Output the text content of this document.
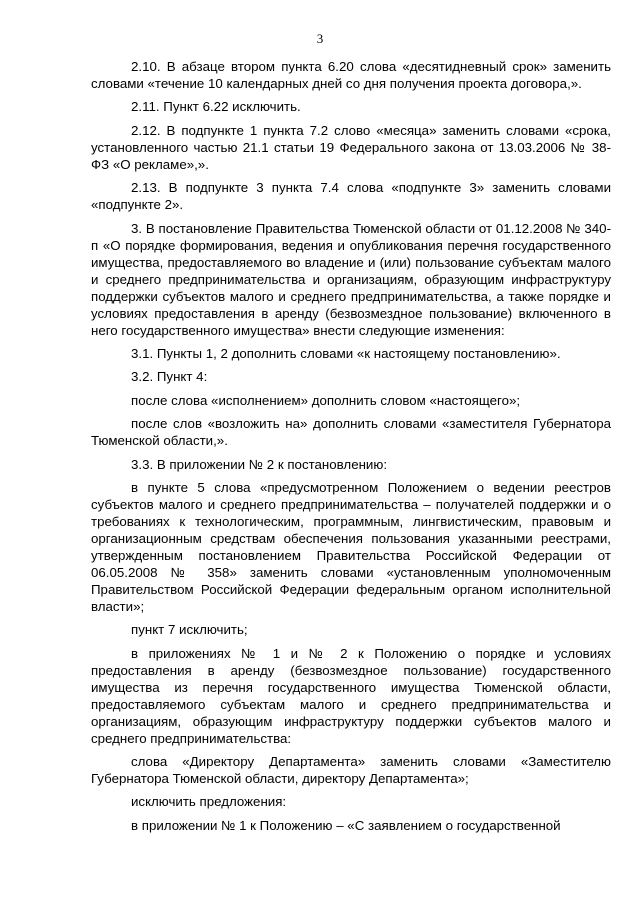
3

2.10. В абзаце втором пункта 6.20 слова «десятидневный срок» заменить словами «течение 10 календарных дней со дня получения проекта договора,».

2.11. Пункт 6.22 исключить.

2.12. В подпункте 1 пункта 7.2 слово «месяца» заменить словами «срока, установленного частью 21.1 статьи 19 Федерального закона от 13.03.2006 № 38-ФЗ «О рекламе»,».

2.13. В подпункте 3 пункта 7.4 слова «подпункте 3» заменить словами «подпункте 2».

3. В постановление Правительства Тюменской области от 01.12.2008 № 340-п «О порядке формирования, ведения и опубликования перечня государственного имущества, предоставляемого во владение и (или) пользование субъектам малого и среднего предпринимательства и организациям, образующим инфраструктуру поддержки субъектов малого и среднего предпринимательства, а также порядке и условиях предоставления в аренду (безвозмездное пользование) включенного в него государственного имущества» внести следующие изменения:

3.1. Пункты 1, 2 дополнить словами «к настоящему постановлению».

3.2. Пункт 4:

после слова «исполнением» дополнить словом «настоящего»;

после слов «возложить на» дополнить словами «заместителя Губернатора Тюменской области,».

3.3. В приложении № 2 к постановлению:

в пункте 5 слова «предусмотренном Положением о ведении реестров субъектов малого и среднего предпринимательства – получателей поддержки и о требованиях к технологическим, программным, лингвистическим, правовым и организационным средствам обеспечения пользования указанными реестрами, утвержденным постановлением Правительства Российской Федерации от 06.05.2008 № 358» заменить словами «установленным уполномоченным Правительством Российской Федерации федеральным органом исполнительной власти»;

пункт 7 исключить;

в приложениях № 1 и № 2 к Положению о порядке и условиях предоставления в аренду (безвозмездное пользование) государственного имущества из перечня государственного имущества Тюменской области, предоставляемого субъектам малого и среднего предпринимательства и организациям, образующим инфраструктуру поддержки субъектов малого и среднего предпринимательства:

слова «Директору Департамента» заменить словами «Заместителю Губернатора Тюменской области, директору Департамента»;

исключить предложения:

в приложении № 1 к Положению – «С заявлением о государственной
